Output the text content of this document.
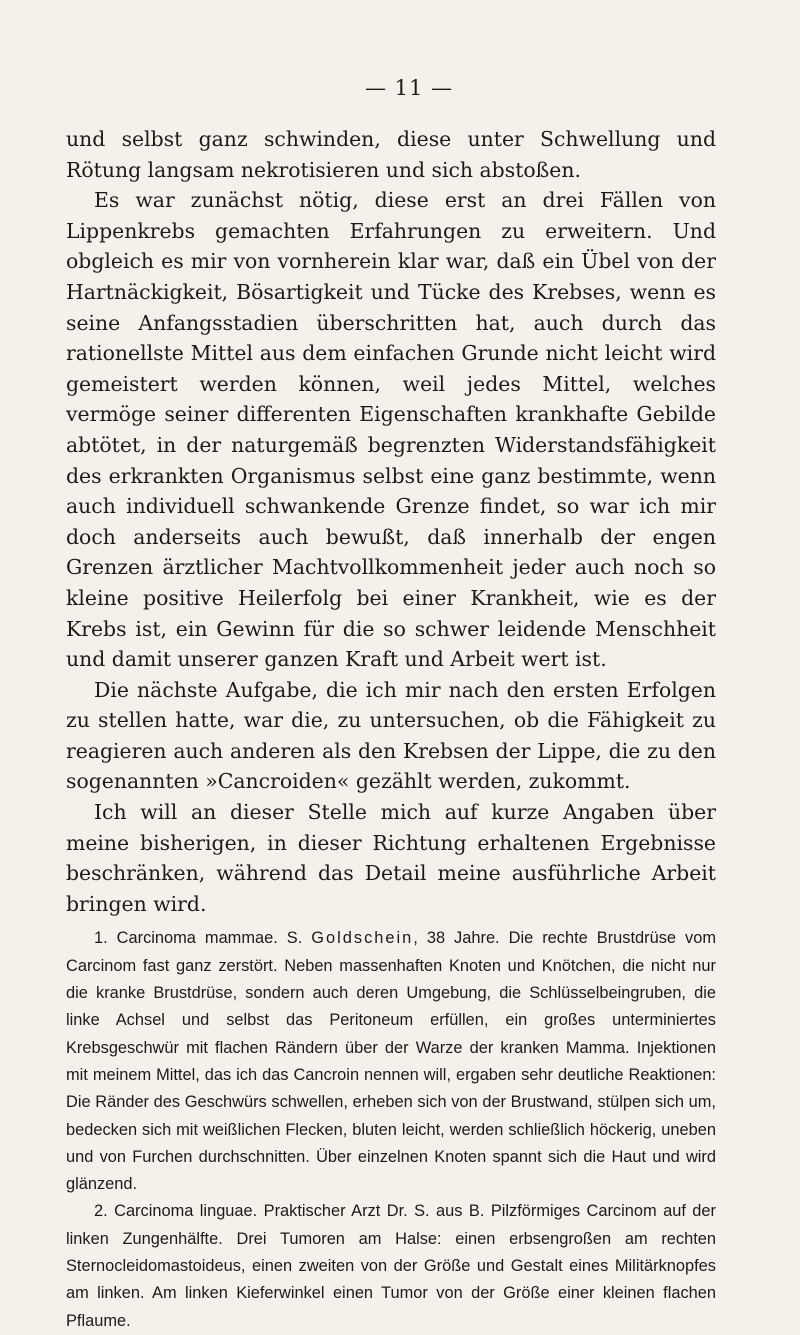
— 11 —

und selbst ganz schwinden, diese unter Schwellung und Rötung langsam nekrotisieren und sich abstoßen.

Es war zunächst nötig, diese erst an drei Fällen von Lippenkrebs gemachten Erfahrungen zu erweitern. Und obgleich es mir von vornherein klar war, daß ein Übel von der Hartnäckigkeit, Bösartigkeit und Tücke des Krebses, wenn es seine Anfangsstadien überschritten hat, auch durch das rationellste Mittel aus dem einfachen Grunde nicht leicht wird gemeistert werden können, weil jedes Mittel, welches vermöge seiner differenten Eigenschaften krankhafte Gebilde abtötet, in der naturgemäß begrenzten Widerstandsfähigkeit des erkrankten Organismus selbst eine ganz bestimmte, wenn auch individuell schwankende Grenze findet, so war ich mir doch anderseits auch bewußt, daß innerhalb der engen Grenzen ärztlicher Machtvollkommenheit jeder auch noch so kleine positive Heilerfolg bei einer Krankheit, wie es der Krebs ist, ein Gewinn für die so schwer leidende Menschheit und damit unserer ganzen Kraft und Arbeit wert ist.

Die nächste Aufgabe, die ich mir nach den ersten Erfolgen zu stellen hatte, war die, zu untersuchen, ob die Fähigkeit zu reagieren auch anderen als den Krebsen der Lippe, die zu den sogenannten »Cancroiden« gezählt werden, zukommt.

Ich will an dieser Stelle mich auf kurze Angaben über meine bisherigen, in dieser Richtung erhaltenen Ergebnisse beschränken, während das Detail meine ausführliche Arbeit bringen wird.

1. Carcinoma mammae. S. Goldschein, 38 Jahre. Die rechte Brustdrüse vom Carcinom fast ganz zerstört. Neben massenhaften Knoten und Knötchen, die nicht nur die kranke Brustdrüse, sondern auch deren Umgebung, die Schlüsselbeingruben, die linke Achsel und selbst das Peritoneum erfüllen, ein großes unterminiertes Krebsgeschwür mit flachen Rändern über der Warze der kranken Mamma. Injektionen mit meinem Mittel, das ich das Cancroin nennen will, ergaben sehr deutliche Reaktionen: Die Ränder des Geschwürs schwellen, erheben sich von der Brustwand, stülpen sich um, bedecken sich mit weißlichen Flecken, bluten leicht, werden schließlich höckerig, uneben und von Furchen durchschnitten. Über einzelnen Knoten spannt sich die Haut und wird glänzend.

2. Carcinoma linguae. Praktischer Arzt Dr. S. aus B. Pilzförmiges Carcinom auf der linken Zungenhälfte. Drei Tumoren am Halse: einen erbsengroßen am rechten Sternocleidomastoideus, einen zweiten von der Größe und Gestalt eines Militärknopfes am linken. Am linken Kieferwinkel einen Tumor von der Größe einer kleinen flachen Pflaume.
